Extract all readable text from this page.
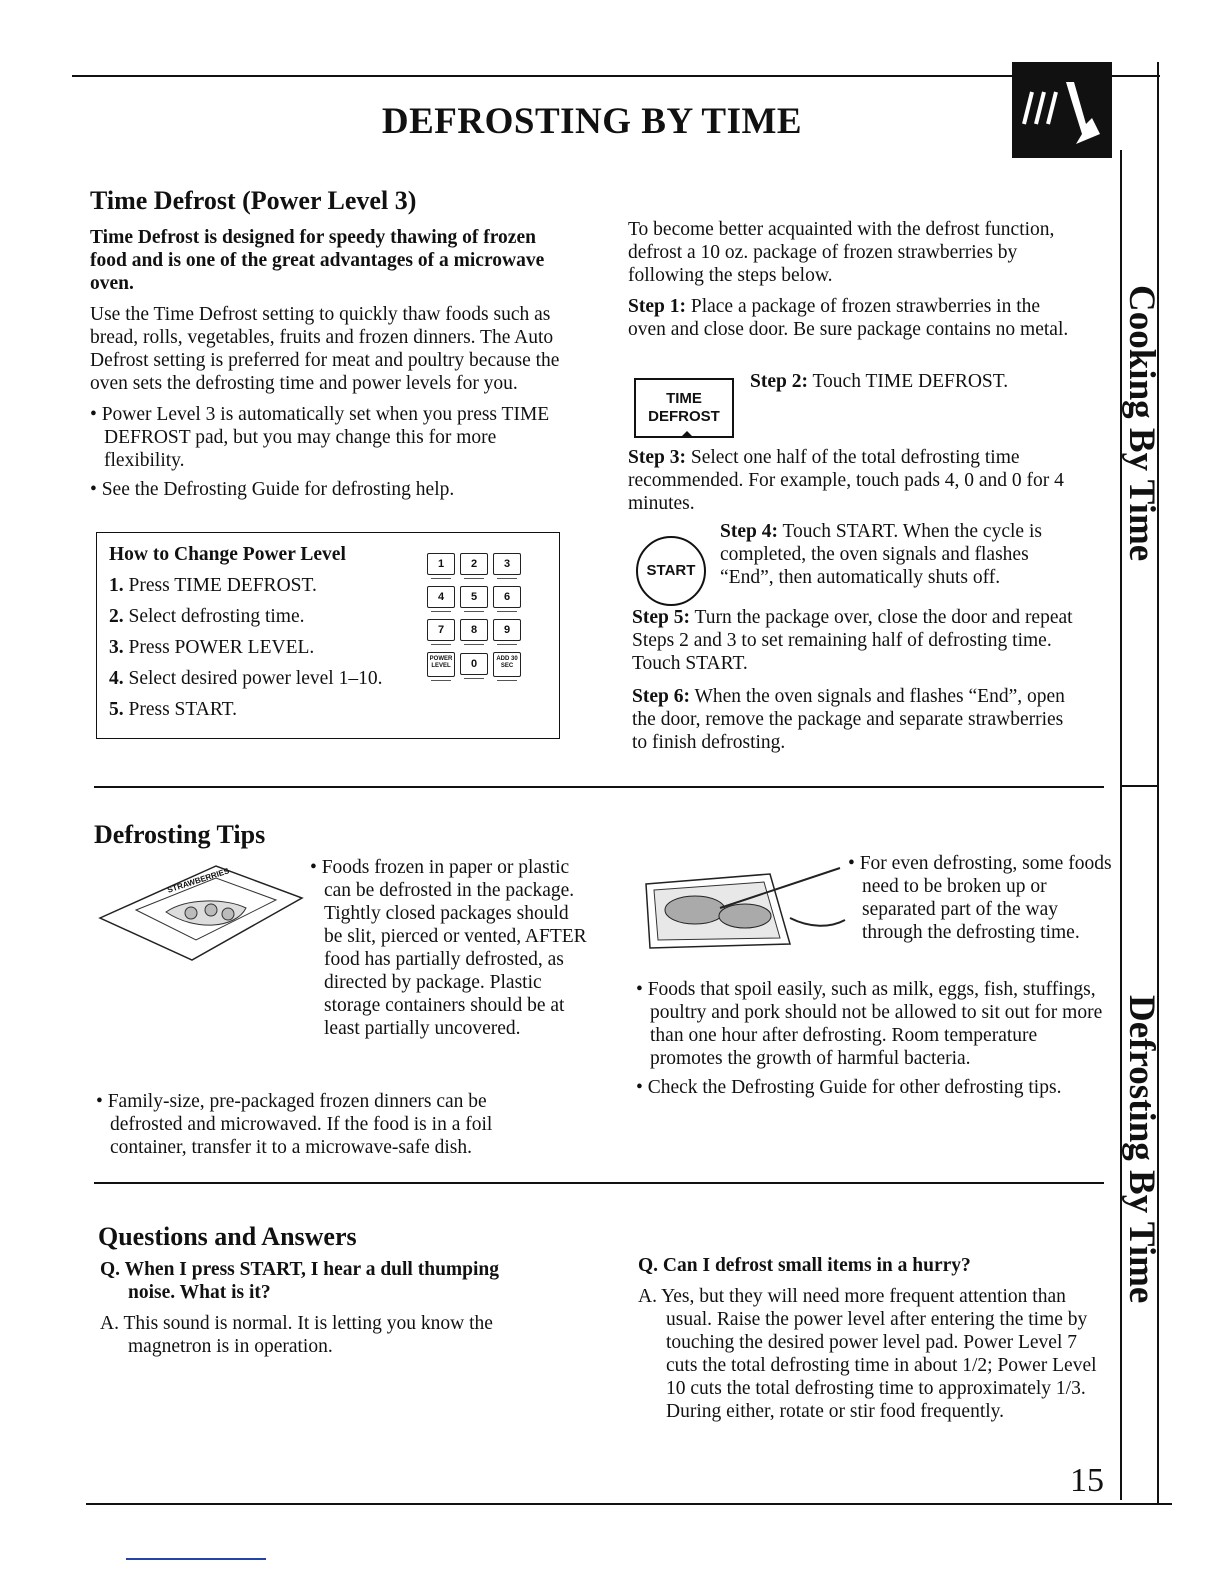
DEFROSTING BY TIME
Cooking By Time
Defrosting By Time
Time Defrost (Power Level 3)

Time Defrost is designed for speedy thawing of frozen food and is one of the great advantages of a microwave oven.

Use the Time Defrost setting to quickly thaw foods such as bread, rolls, vegetables, fruits and frozen dinners. The Auto Defrost setting is preferred for meat and poultry because the oven sets the defrosting time and power levels for you.

• Power Level 3 is automatically set when you press TIME DEFROST pad, but you may change this for more flexibility.

• See the Defrosting Guide for defrosting help.

How to Change Power Level

1. Press TIME DEFROST.

2. Select defrosting time.

3. Press POWER LEVEL.

4. Select desired power level 1–10.

5. Press START.

1 2 3
4 5 6
7 8 9
POWER LEVEL 0	ADD 30 SEC

To become better acquainted with the defrost function, defrost a 10 oz. package of frozen strawberries by following the steps below.

Step 1: Place a package of frozen strawberries in the oven and close door. Be sure package contains no metal.

TIME
DEFROST

Step 2: Touch TIME DEFROST.

Step 3: Select one half of the total defrosting time recommended. For example, touch pads 4, 0 and 0 for 4 minutes.

START

Step 4: Touch START. When the cycle is completed, the oven signals and flashes “End”, then automatically shuts off.

Step 5: Turn the package over, close the door and repeat Steps 2 and 3 to set remaining half of defrosting time. Touch START.

Step 6: When the oven signals and flashes “End”, open the door, remove the package and separate strawberries to finish defrosting.

Defrosting Tips
STRAWBERRIES	• Foods frozen in paper or plastic can be defrosted in the package. Tightly closed packages should be slit, pierced or vented, AFTER food has partially defrosted, as directed by package. Plastic storage containers should be at least partially uncovered.

• Family-size, pre-packaged frozen dinners can be defrosted and microwaved. If the food is in a foil container, transfer it to a microwave-safe dish.

• For even defrosting, some foods need to be broken up or separated part of the way through the defrosting time.

• Foods that spoil easily, such as milk, eggs, fish, stuffings, poultry and pork should not be allowed to sit out for more than one hour after defrosting. Room temperature promotes the growth of harmful bacteria.

• Check the Defrosting Guide for other defrosting tips.

Questions and Answers

Q. When I press START, I hear a dull thumping noise. What is it?

A. This sound is normal. It is letting you know the magnetron is in operation.

Q. Can I defrost small items in a hurry?

A. Yes, but they will need more frequent attention than usual. Raise the power level after entering the time by touching the desired power level pad. Power Level 7 cuts the total defrosting time in about 1/2; Power Level 10 cuts the total defrosting time to approximately 1/3. During either, rotate or stir food frequently.

15
